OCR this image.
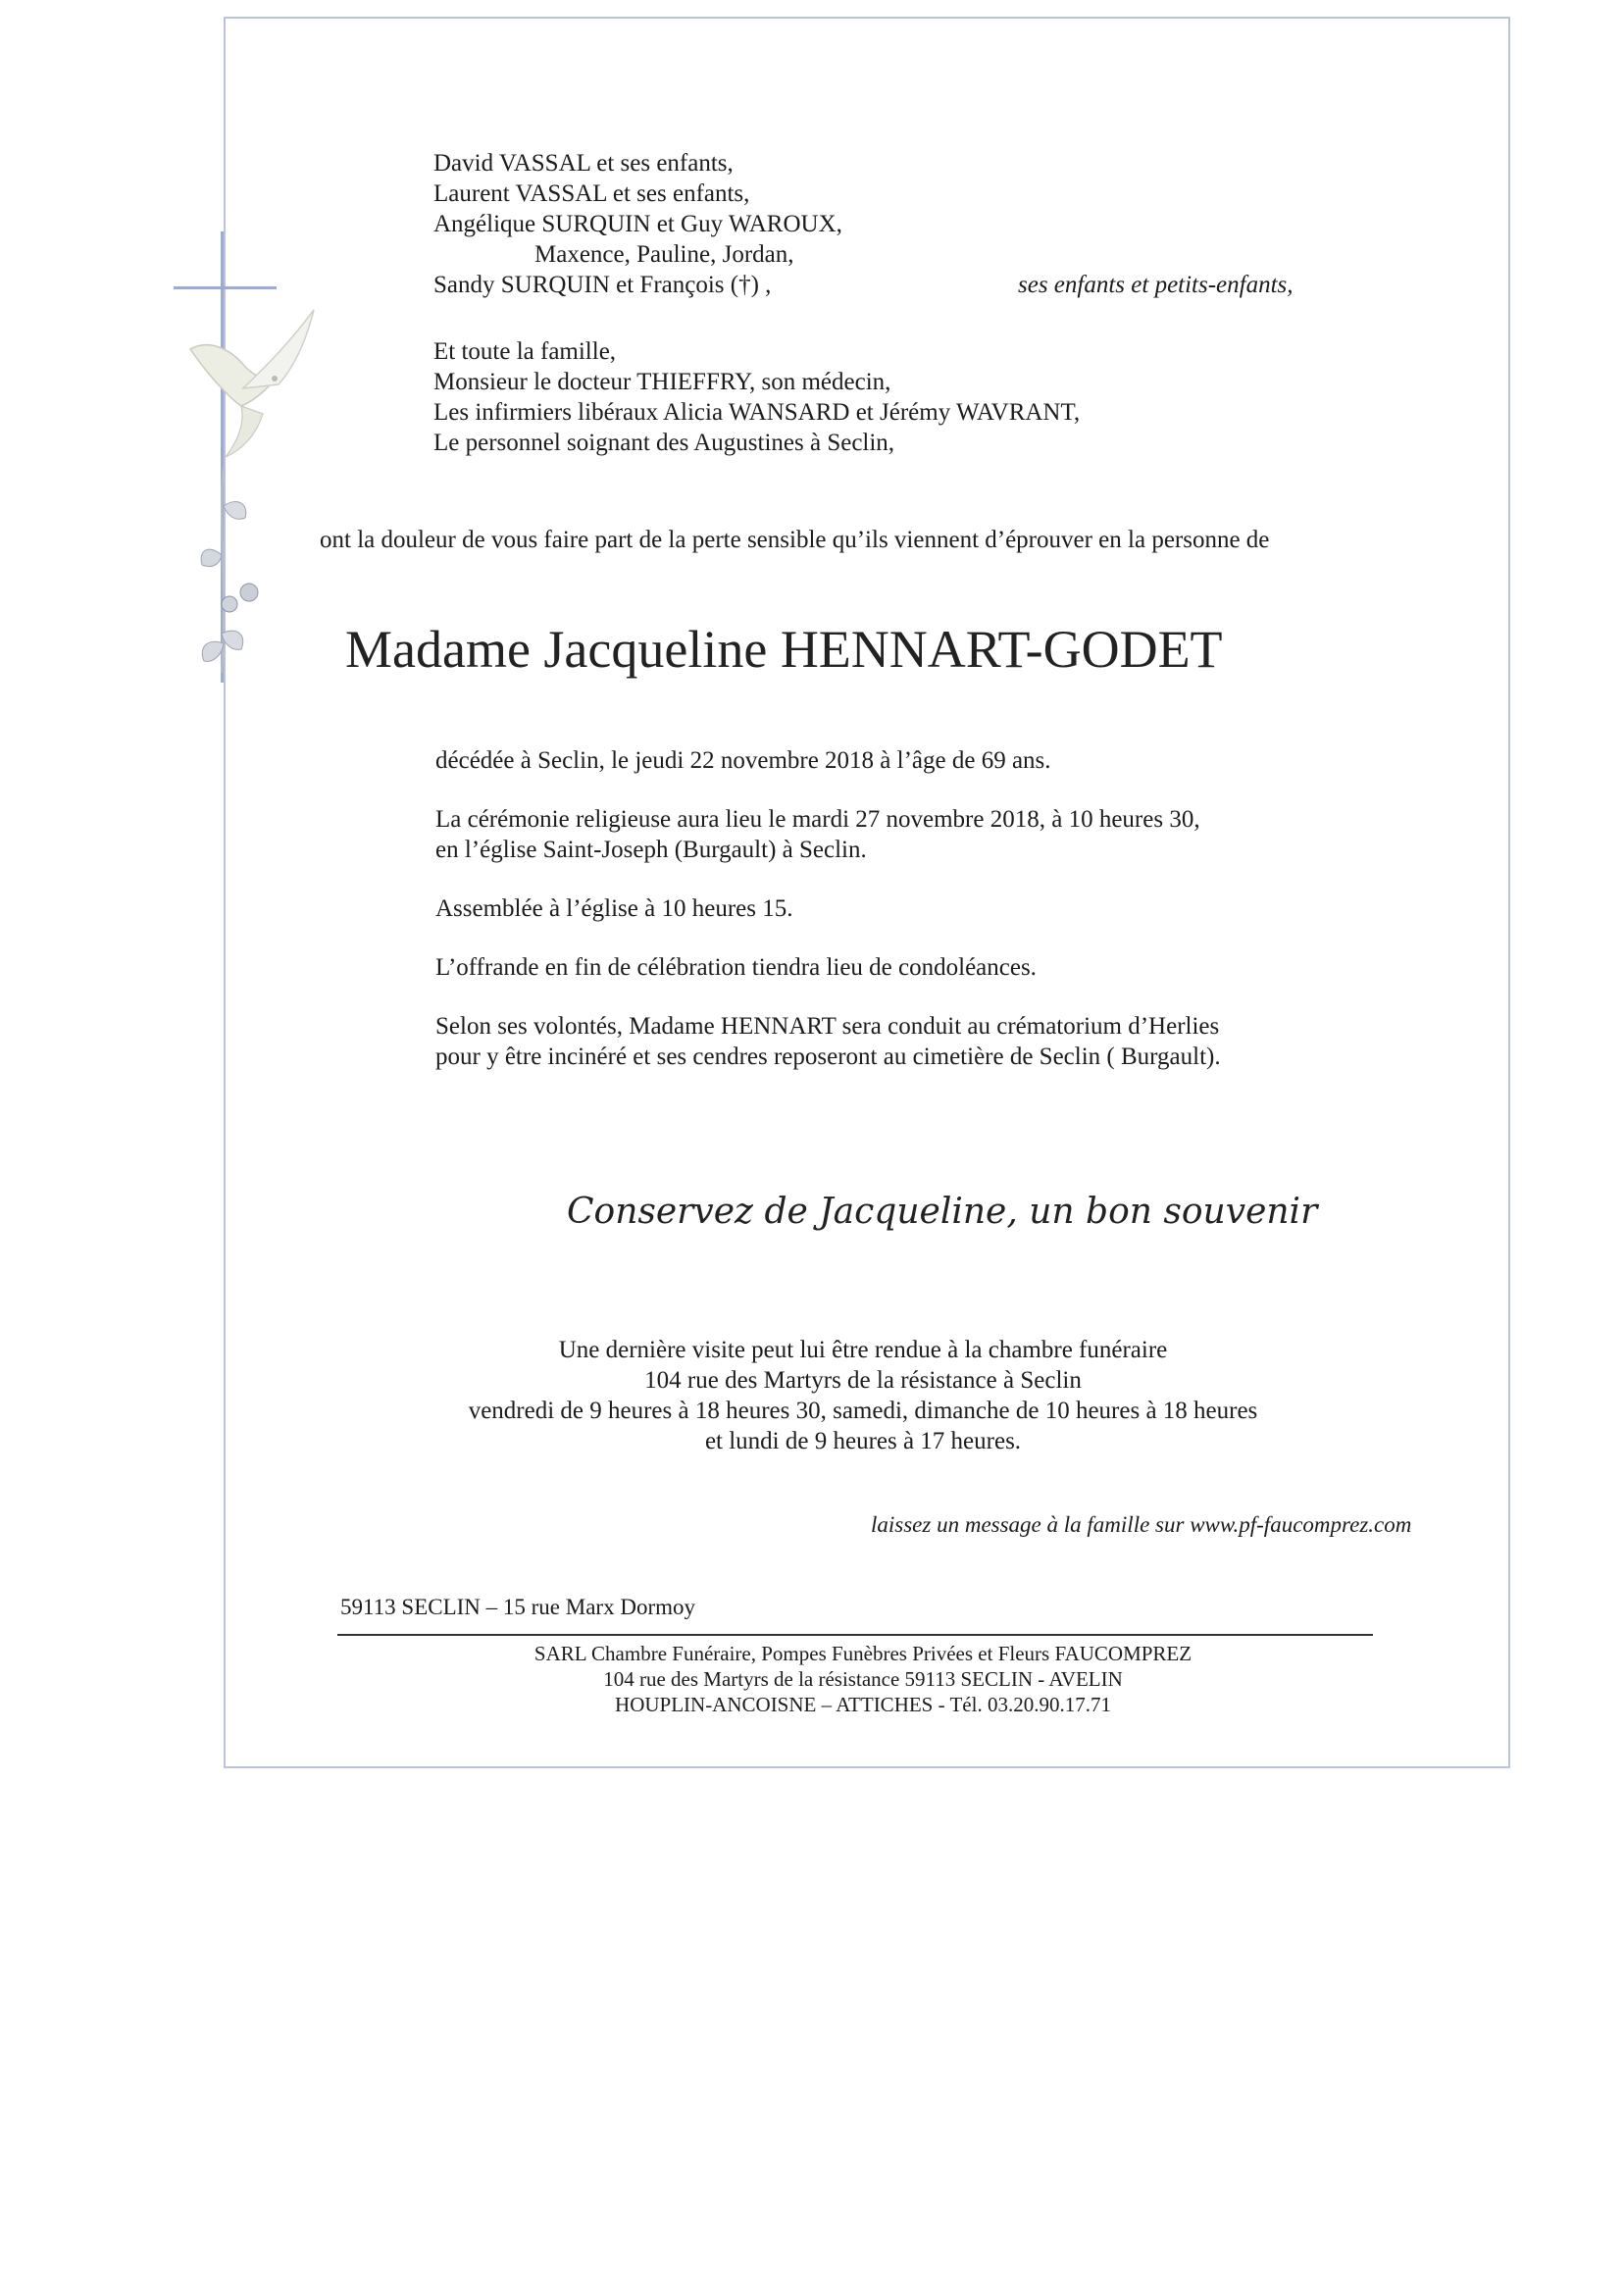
David VASSAL et ses enfants,
Laurent VASSAL et ses enfants,
Angélique SURQUIN et Guy WAROUX,
Maxence, Pauline, Jordan,
Sandy SURQUIN et François (†) ,	ses enfants et petits-enfants,
Et toute la famille,
Monsieur le docteur THIEFFRY, son médecin,
Les infirmiers libéraux Alicia WANSARD et Jérémy WAVRANT,
Le personnel soignant des Augustines à Seclin,
ont la douleur de vous faire part de la perte sensible qu’ils viennent d’éprouver en la personne de
Madame Jacqueline HENNART-GODET

décédée à Seclin, le jeudi 22 novembre 2018 à l’âge de 69 ans.

La cérémonie religieuse aura lieu le mardi 27 novembre 2018, à 10 heures 30,
en l’église Saint-Joseph (Burgault) à Seclin.

Assemblée à l’église à 10 heures 15.

L’offrande en fin de célébration tiendra lieu de condoléances.

Selon ses volontés, Madame HENNART sera conduit au crématorium d’Herlies
pour y être incinéré et ses cendres reposeront au cimetière de Seclin ( Burgault).

Conservez de Jacqueline, un bon souvenir
Une dernière visite peut lui être rendue à la chambre funéraire
104 rue des Martyrs de la résistance à Seclin
vendredi de 9 heures à 18 heures 30, samedi, dimanche de 10 heures à 18 heures
et lundi de 9 heures à 17 heures.
laissez un message à la famille sur www.pf-faucomprez.com
59113 SECLIN – 15 rue Marx Dormoy
SARL Chambre Funéraire, Pompes Funèbres Privées et Fleurs FAUCOMPREZ
104 rue des Martyrs de la résistance 59113 SECLIN - AVELIN
HOUPLIN-ANCOISNE – ATTICHES - Tél. 03.20.90.17.71
